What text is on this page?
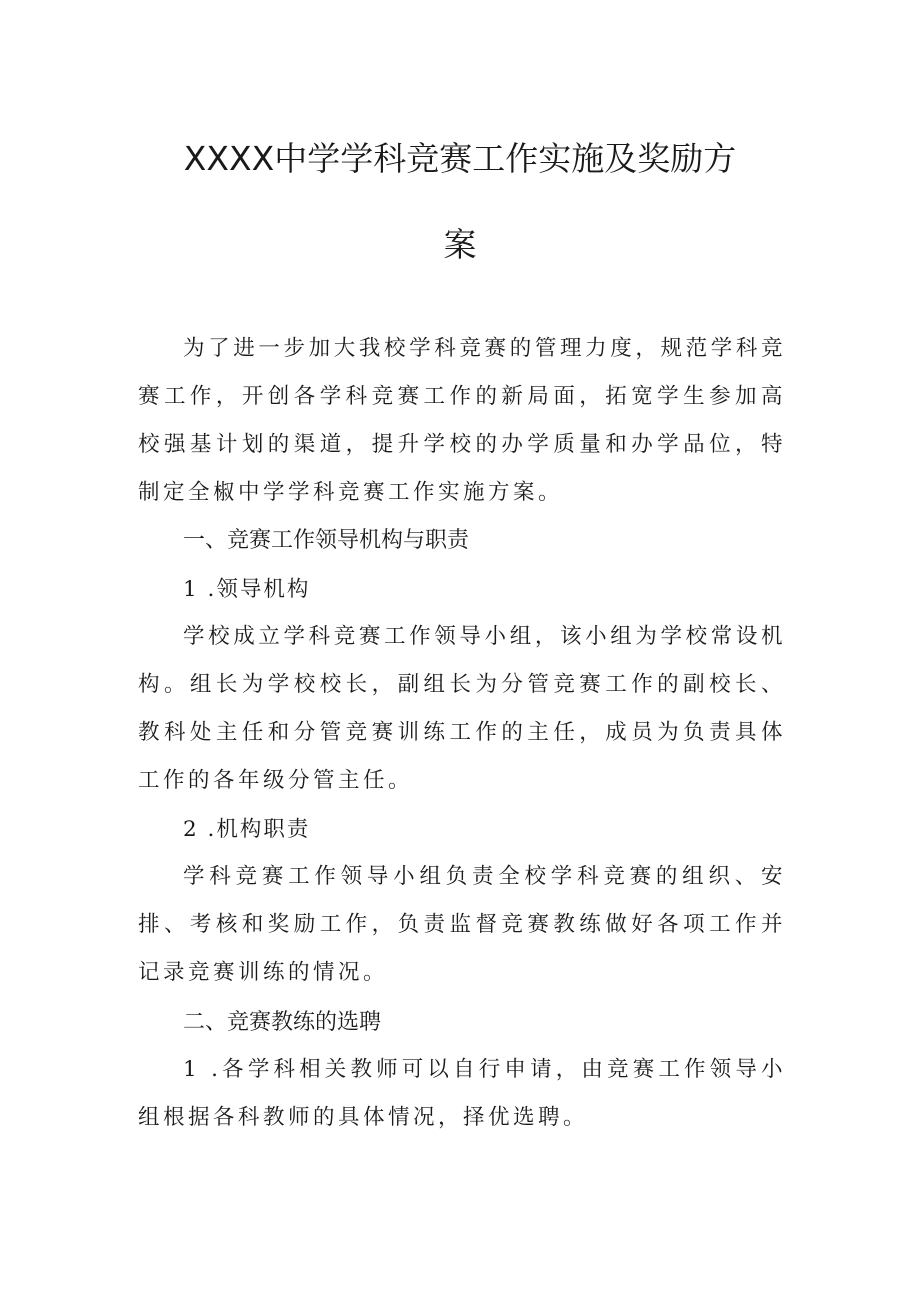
XXXX中学学科竞赛工作实施及奖励方
案

为了进一步加大我校学科竞赛的管理力度，规范学科竞赛工作，开创各学科竞赛工作的新局面，拓宽学生参加高校强基计划的渠道，提升学校的办学质量和办学品位，特制定全椒中学学科竞赛工作实施方案。

一、竞赛工作领导机构与职责

1 .领导机构

学校成立学科竞赛工作领导小组，该小组为学校常设机构。组长为学校校长，副组长为分管竞赛工作的副校长、教科处主任和分管竞赛训练工作的主任，成员为负责具体工作的各年级分管主任。

2 .机构职责

学科竞赛工作领导小组负责全校学科竞赛的组织、安排、考核和奖励工作，负责监督竞赛教练做好各项工作并记录竞赛训练的情况。

二、竞赛教练的选聘

1 .各学科相关教师可以自行申请，由竞赛工作领导小组根据各科教师的具体情况，择优选聘。
